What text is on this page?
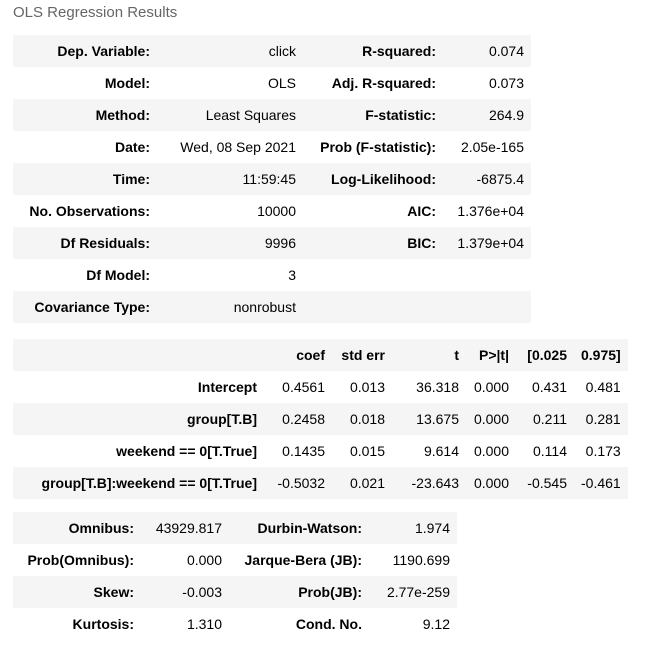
OLS Regression Results
Dep. Variable:	click	R-squared:	0.074
Model:	OLS	Adj. R-squared:	0.073
Method:	Least Squares	F-statistic:	264.9
Date:	Wed, 08 Sep 2021	Prob (F-statistic):	2.05e-165
Time:	11:59:45	Log-Likelihood:	-6875.4
No. Observations:	10000	AIC:	1.376e+04
Df Residuals:	9996	BIC:	1.379e+04
Df Model:	3		
Covariance Type:	nonrobust		
	coef	std err	t	P>|t|	[0.025	0.975]
Intercept	0.4561	0.013	36.318	0.000	0.431	0.481
group[T.B]	0.2458	0.018	13.675	0.000	0.211	0.281
weekend == 0[T.True]	0.1435	0.015	9.614	0.000	0.114	0.173
group[T.B]:weekend == 0[T.True]	-0.5032	0.021	-23.643	0.000	-0.545	-0.461
Omnibus:	43929.817	Durbin-Watson:	1.974
Prob(Omnibus):	0.000	Jarque-Bera (JB):	1190.699
Skew:	-0.003	Prob(JB):	2.77e-259
Kurtosis:	1.310	Cond. No.	9.12
